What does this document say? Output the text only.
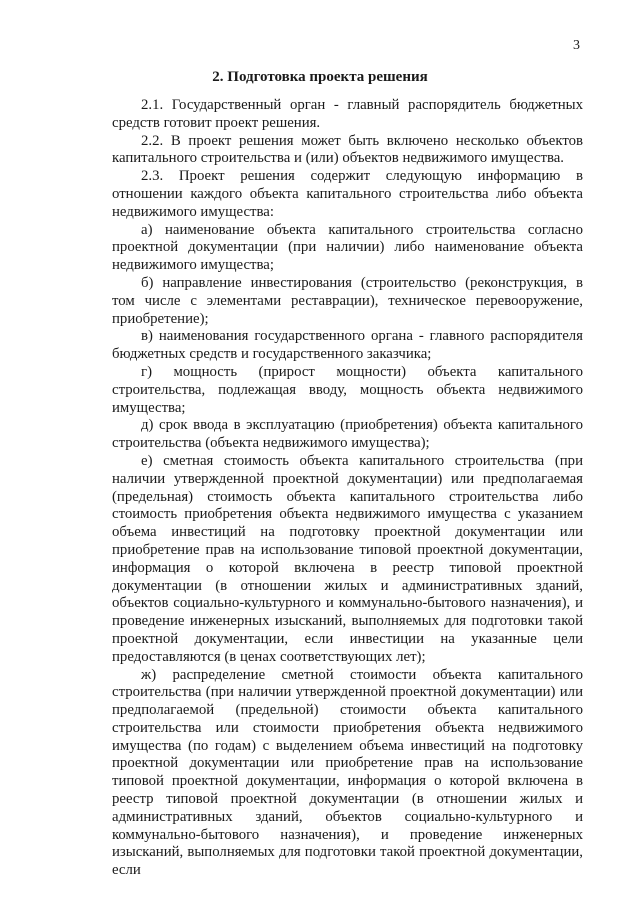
3
2. Подготовка проекта решения

2.1. Государственный орган - главный распорядитель бюджетных средств готовит проект решения.

2.2. В проект решения может быть включено несколько объектов капитального строительства и (или) объектов недвижимого имущества.

2.3. Проект решения содержит следующую информацию в отношении каждого объекта капитального строительства либо объекта недвижимого имущества:

а) наименование объекта капитального строительства согласно проектной документации (при наличии) либо наименование объекта недвижимого имущества;

б) направление инвестирования (строительство (реконструкция, в том числе с элементами реставрации), техническое перевооружение, приобретение);

в) наименования государственного органа - главного распорядителя бюджетных средств и государственного заказчика;

г) мощность (прирост мощности) объекта капитального строительства, подлежащая вводу, мощность объекта недвижимого имущества;

д) срок ввода в эксплуатацию (приобретения) объекта капитального строительства (объекта недвижимого имущества);

е) сметная стоимость объекта капитального строительства (при наличии утвержденной проектной документации) или предполагаемая (предельная) стоимость объекта капитального строительства либо стоимость приобретения объекта недвижимого имущества с указанием объема инвестиций на подготовку проектной документации или приобретение прав на использование типовой проектной документации, информация о которой включена в реестр типовой проектной документации (в отношении жилых и административных зданий, объектов социально-культурного и коммунально-бытового назначения), и проведение инженерных изысканий, выполняемых для подготовки такой проектной документации, если инвестиции на указанные цели предоставляются (в ценах соответствующих лет);

ж) распределение сметной стоимости объекта капитального строительства (при наличии утвержденной проектной документации) или предполагаемой (предельной) стоимости объекта капитального строительства или стоимости приобретения объекта недвижимого имущества (по годам) с выделением объема инвестиций на подготовку проектной документации или приобретение прав на использование типовой проектной документации, информация о которой включена в реестр типовой проектной документации (в отношении жилых и административных зданий, объектов социально-культурного и коммунально-бытового назначения), и проведение инженерных изысканий, выполняемых для подготовки такой проектной документации, если
